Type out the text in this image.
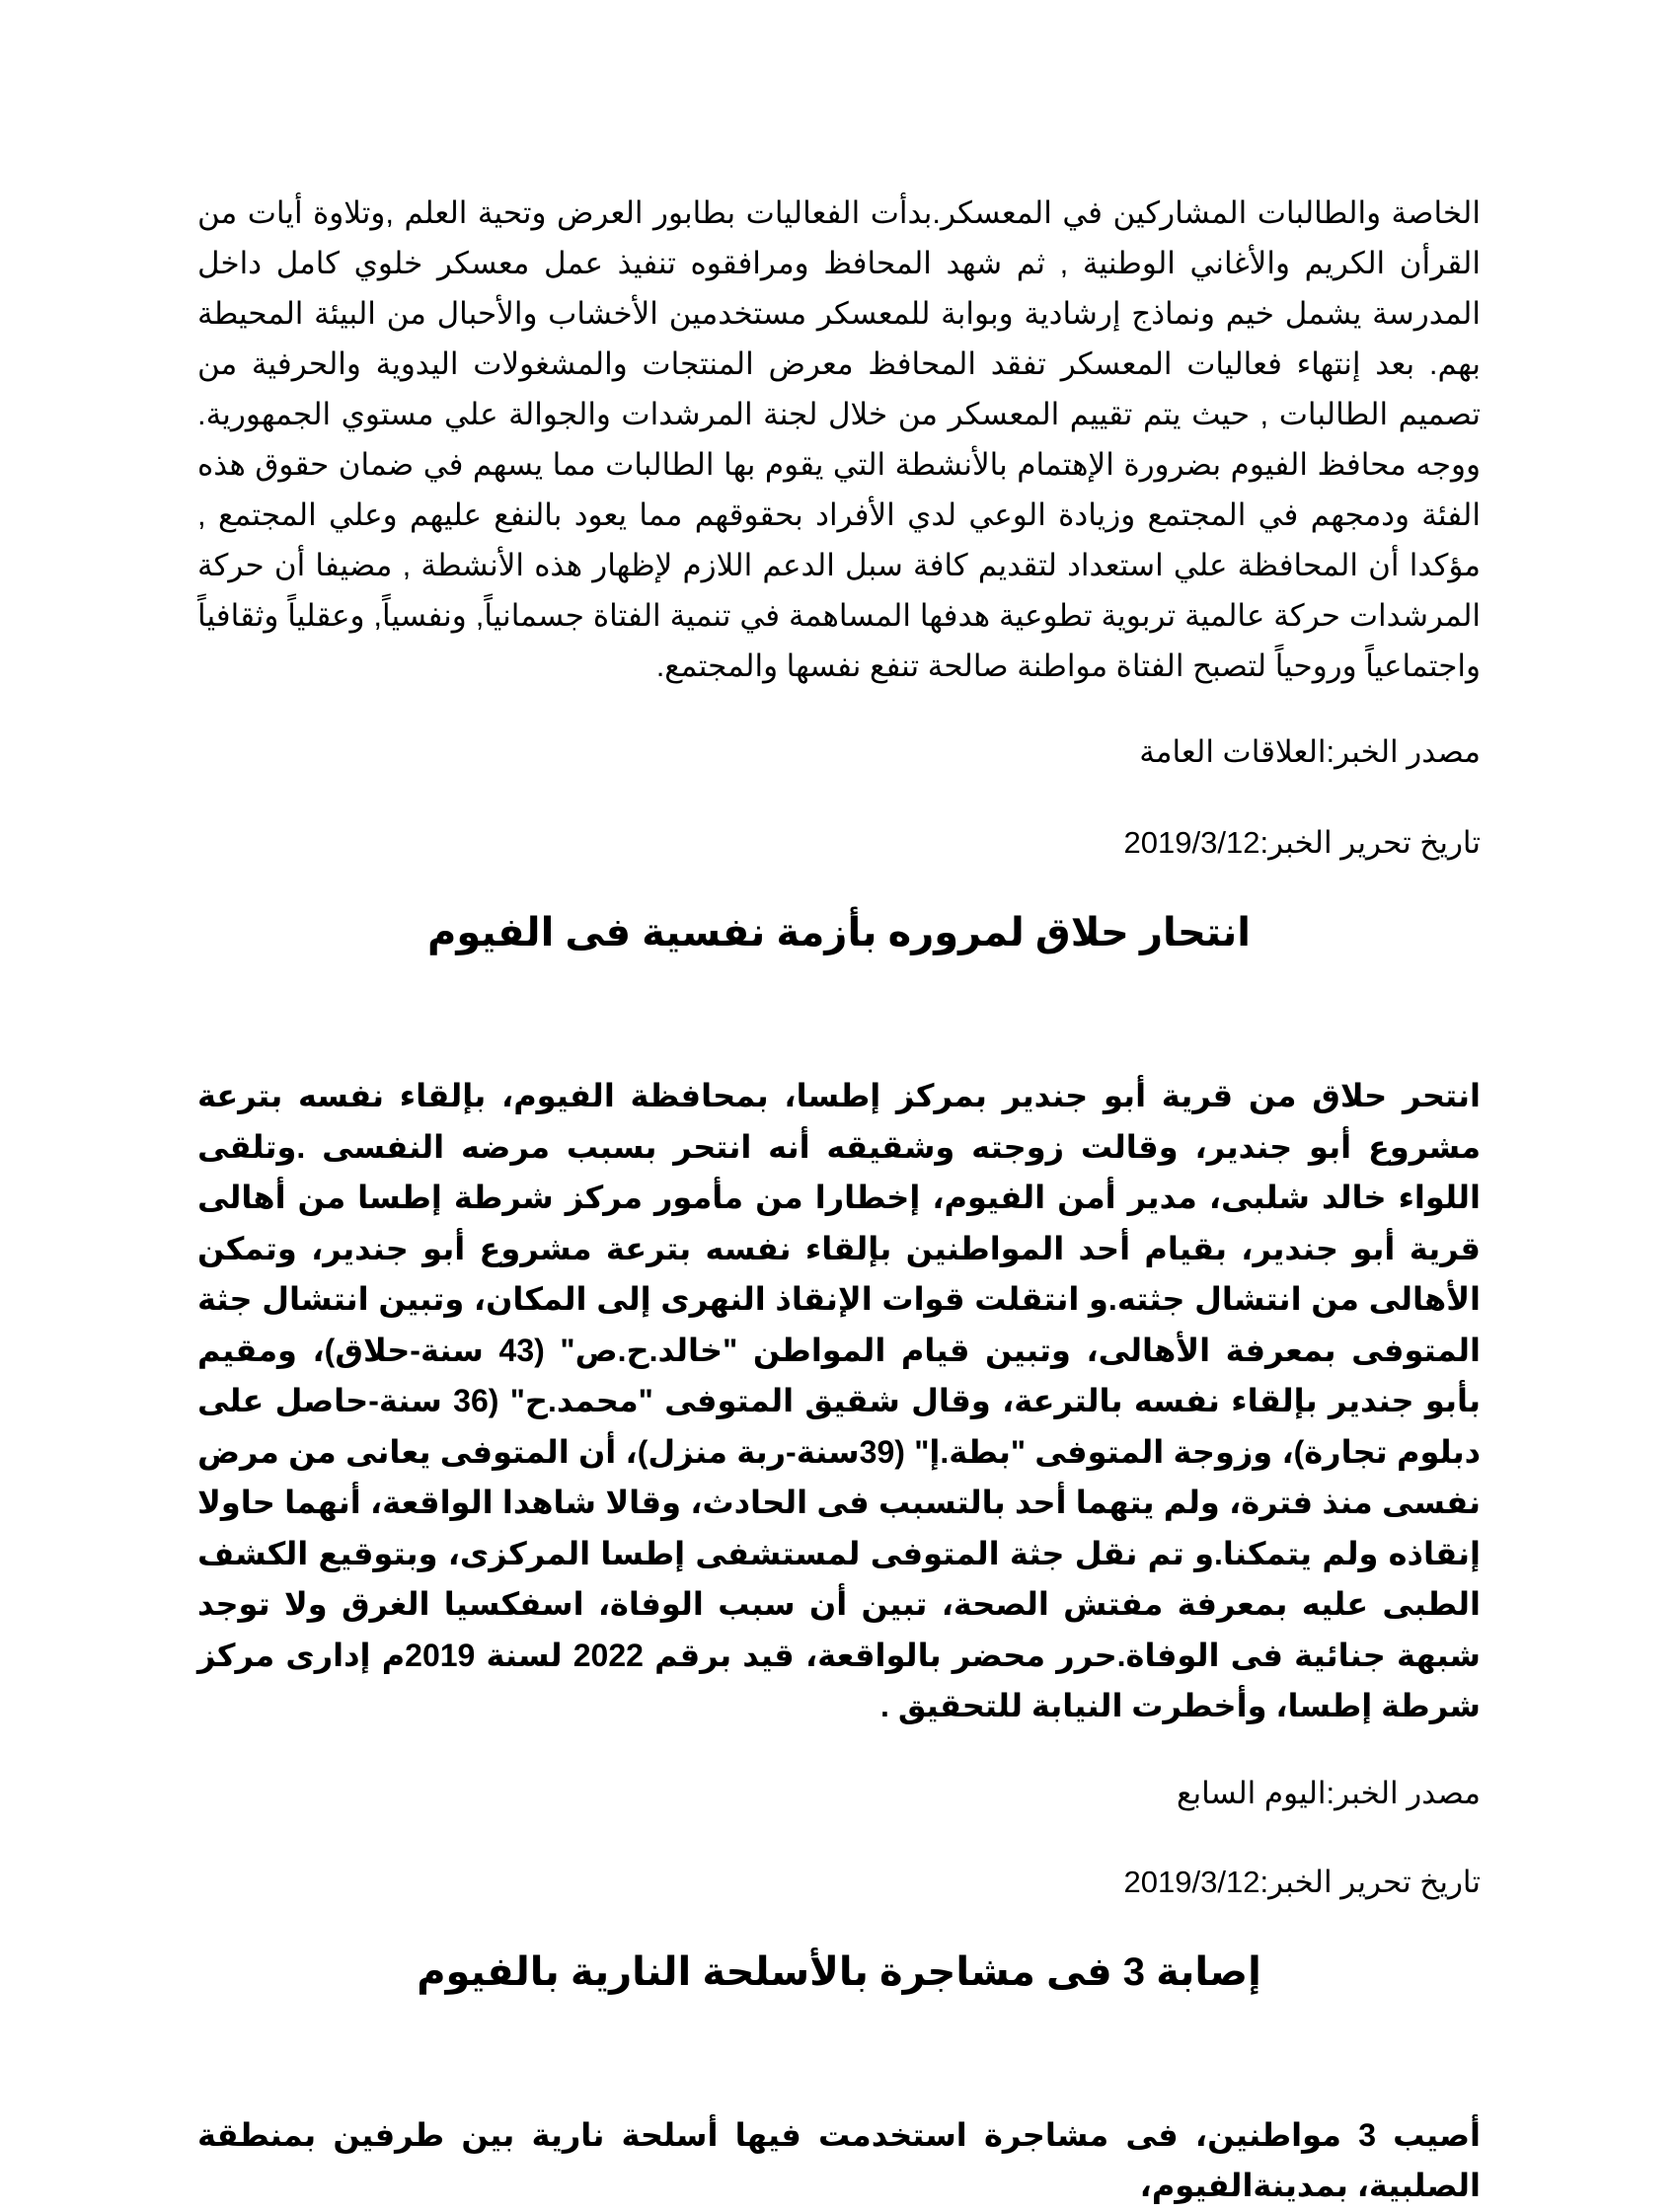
الخاصة والطالبات المشاركين في المعسكر.بدأت الفعاليات بطابور العرض وتحية العلم ,وتلاوة أيات من القرأن الكريم والأغاني الوطنية , ثم شهد المحافظ ومرافقوه تنفيذ عمل معسكر خلوي كامل داخل المدرسة يشمل خيم ونماذج إرشادية وبوابة للمعسكر مستخدمين الأخشاب والأحبال من البيئة المحيطة بهم. بعد إنتهاء فعاليات المعسكر تفقد المحافظ معرض المنتجات والمشغولات اليدوية والحرفية من تصميم الطالبات , حيث يتم تقييم المعسكر من خلال لجنة المرشدات والجوالة علي مستوي الجمهورية. ووجه محافظ الفيوم بضرورة الإهتمام بالأنشطة التي يقوم بها الطالبات مما يسهم في ضمان حقوق هذه الفئة ودمجهم في المجتمع وزيادة الوعي لدي الأفراد بحقوقهم مما يعود بالنفع عليهم وعلي المجتمع , مؤكدا أن المحافظة علي استعداد لتقديم كافة سبل الدعم اللازم لإظهار هذه الأنشطة , مضيفا أن حركة المرشدات حركة عالمية تربوية تطوعية هدفها المساهمة في تنمية الفتاة جسمانياً, ونفسياً, وعقلياً وثقافياً واجتماعياً وروحياً لتصبح الفتاة مواطنة صالحة تنفع نفسها والمجتمع.

مصدر الخبر:العلاقات العامة

تاريخ تحرير الخبر:2019/3/12

انتحار حلاق لمروره بأزمة نفسية فى الفيوم

انتحر حلاق من قرية أبو جندير بمركز إطسا، بمحافظة الفيوم، بإلقاء نفسه بترعة مشروع أبو جندير، وقالت زوجته وشقيقه أنه انتحر بسبب مرضه النفسى .وتلقى اللواء خالد شلبى، مدير أمن الفيوم، إخطارا من مأمور مركز شرطة إطسا من أهالى قرية أبو جندير، بقيام أحد المواطنين بإلقاء نفسه بترعة مشروع أبو جندير، وتمكن الأهالى من انتشال جثته.و انتقلت قوات الإنقاذ النهرى إلى المكان، وتبين انتشال جثة المتوفى بمعرفة الأهالى، وتبين قيام المواطن "خالد.ح.ص" (43 سنة-حلاق)، ومقيم بأبو جندير بإلقاء نفسه بالترعة، وقال شقيق المتوفى "محمد.ح" (36 سنة-حاصل على دبلوم تجارة)، وزوجة المتوفى "بطة.إ" (39سنة-ربة منزل)، أن المتوفى يعانى من مرض نفسى منذ فترة، ولم يتهما أحد بالتسبب فى الحادث، وقالا شاهدا الواقعة، أنهما حاولا إنقاذه ولم يتمكنا.و تم نقل جثة المتوفى لمستشفى إطسا المركزى، وبتوقيع الكشف الطبى عليه بمعرفة مفتش الصحة، تبين أن سبب الوفاة، اسفكسيا الغرق ولا توجد شبهة جنائية فى الوفاة.حرر محضر بالواقعة، قيد برقم 2022 لسنة 2019م إدارى مركز شرطة إطسا، وأخطرت النيابة للتحقيق .

مصدر الخبر:اليوم السابع

تاريخ تحرير الخبر:2019/3/12

إصابة 3 فى مشاجرة بالأسلحة النارية بالفيوم

أصيب 3 مواطنين، فى مشاجرة استخدمت فيها أسلحة نارية بين طرفين بمنطقة الصلبية، بمدينةالفيوم،
